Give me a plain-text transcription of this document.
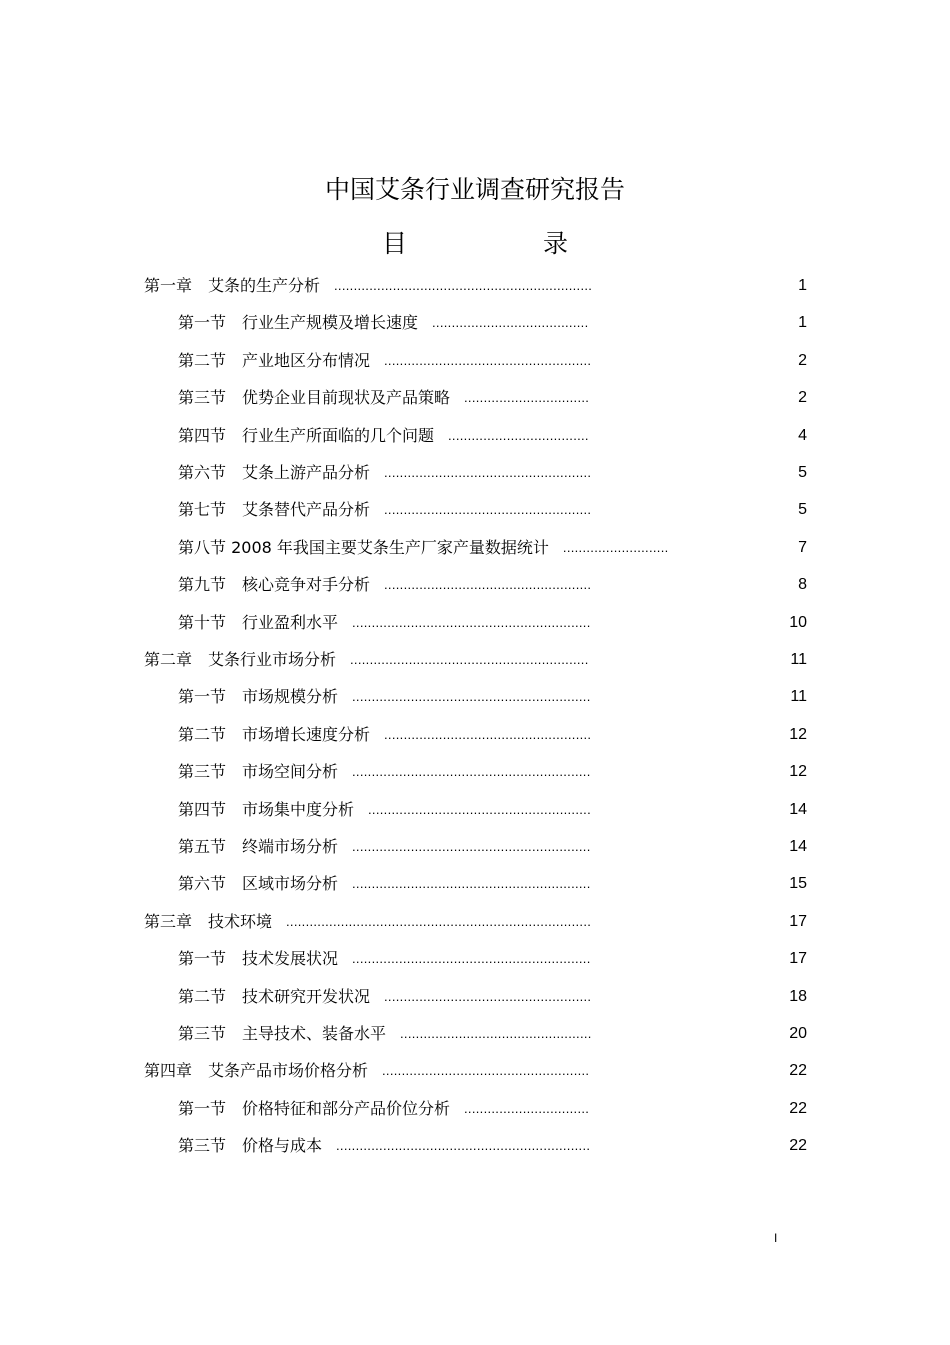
中国艾条行业调查研究报告
目	录
第一章　艾条的生产分析 ..................................................................	1
第一节　行业生产规模及增长速度 ........................................	1
第二节　产业地区分布情况 .....................................................	2
第三节　优势企业目前现状及产品策略 ................................	2
第四节　行业生产所面临的几个问题 ....................................	4
第六节　艾条上游产品分析 .....................................................	5
第七节　艾条替代产品分析 .....................................................	5
第八节 2008 年我国主要艾条生产厂家产量数据统计 ...........................	7
第九节　核心竞争对手分析 .....................................................	8
第十节　行业盈利水平 .............................................................	10
第二章　艾条行业市场分析 .............................................................	11
第一节　市场规模分析 .............................................................	11
第二节　市场增长速度分析 .....................................................	12
第三节　市场空间分析 .............................................................	12
第四节　市场集中度分析 .........................................................	14
第五节　终端市场分析 .............................................................	14
第六节　区域市场分析 .............................................................	15
第三章　技术环境 ..............................................................................	17
第一节　技术发展状况 .............................................................	17
第二节　技术研究开发状况 .....................................................	18
第三节　主导技术、装备水平 .................................................	20
第四章　艾条产品市场价格分析 .....................................................	22
第一节　价格特征和部分产品价位分析 ................................	22
第三节　价格与成本 .................................................................	22
I
